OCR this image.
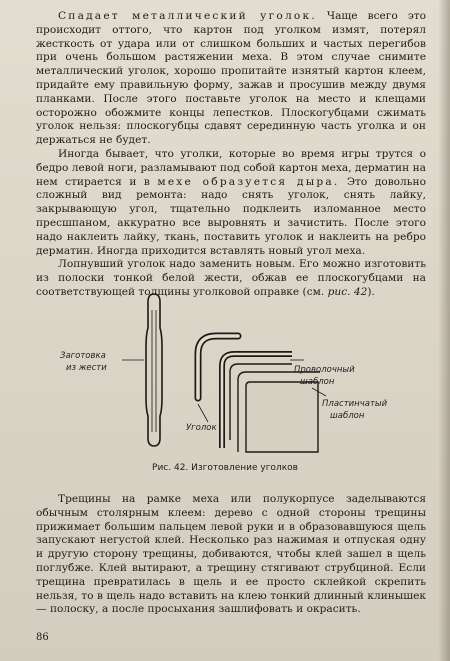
Спадает металлический уголок. Чаще всего это происходит оттого, что картон под уголком измят, потерял жесткость от удара или от слишком больших и частых перегибов при очень большом растяжении меха. В этом случае снимите металлический уголок, хорошо пропитайте изнятый картон клеем, придайте ему правильную форму, зажав и просушив между двумя планками. После этого поставьте уголок на место и клещами осторожно обожмите концы лепестков. Плоскогубцами сжимать уголок нельзя: плоскогубцы сдавят серединную часть уголка и он держаться не будет.

Иногда бывает, что уголки, которые во время игры трутся о бедро левой ноги, разламывают под собой картон меха, дерматин на нем стирается и в мехе образуется дыра. Это довольно сложный вид ремонта: надо снять уголок, снять лайку, закрывающую угол, тщательно подклеить изломанное место пресшпаном, аккуратно все выровнять и зачистить. После этого надо наклеить лайку, ткань, поставить уголок и наклеить на ребро дерматин. Иногда приходится вставлять новый угол меха.

Лопнувший уголок надо заменить новым. Его можно изготовить из полоски тонкой белой жести, обжав ее плоскогубцами на соответствующей толщины уголковой оправке (см. рис. 42).

Заготовка
из жести	Проволочный
шаблон
Пластинчатый
шаблон
Уголок
Рис. 42. Изготовление уголков

Трещины на рамке меха или полукорпусе заделываются обычным столярным клеем: дерево с одной стороны трещины прижимает большим пальцем левой руки и в образовавшуюся щель запускают негустой клей. Несколько раз нажимая и отпуская одну и другую сторону трещины, добиваются, чтобы клей зашел в щель поглубже. Клей вытирают, а трещину стягивают струбциной. Если трещина превратилась в щель и ее просто склейкой скрепить нельзя, то в щель надо вставить на клею тонкий длинный клинышек — полоску, а после просыхания зашлифовать и окрасить.

86
